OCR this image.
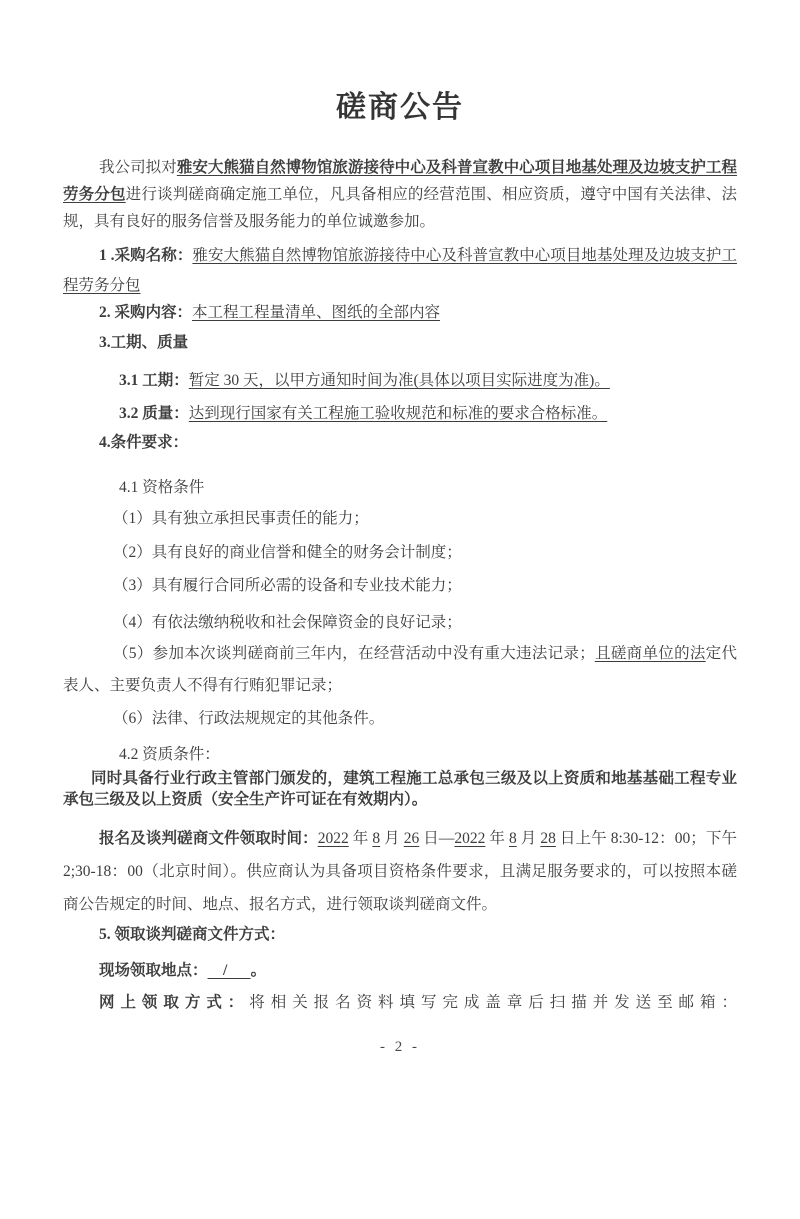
磋商公告

我公司拟对雅安大熊猫自然博物馆旅游接待中心及科普宣教中心项目地基处理及边坡支护工程劳务分包进行谈判磋商确定施工单位，凡具备相应的经营范围、相应资质，遵守中国有关法律、法规，具有良好的服务信誉及服务能力的单位诚邀参加。

1 .采购名称：雅安大熊猫自然博物馆旅游接待中心及科普宣教中心项目地基处理及边坡支护工程劳务分包

2. 采购内容：本工程工程量清单、图纸的全部内容

3.工期、质量

3.1 工期：暂定 30 天，以甲方通知时间为准(具体以项目实际进度为准)。

3.2 质量：达到现行国家有关工程施工验收规范和标准的要求合格标准。

4.条件要求：

4.1 资格条件

（1）具有独立承担民事责任的能力；

（2）具有良好的商业信誉和健全的财务会计制度；

（3）具有履行合同所必需的设备和专业技术能力；

（4）有依法缴纳税收和社会保障资金的良好记录；

（5）参加本次谈判磋商前三年内，在经营活动中没有重大违法记录；且磋商单位的法定代表人、主要负责人不得有行贿犯罪记录；

（6）法律、行政法规规定的其他条件。

4.2 资质条件：

同时具备行业行政主管部门颁发的，建筑工程施工总承包三级及以上资质和地基基础工程专业承包三级及以上资质（安全生产许可证在有效期内）。

报名及谈判磋商文件领取时间：2022 年 8 月 26 日—2022 年 8 月 28 日上午 8:30-12：00；下午 2;30-18：00（北京时间）。供应商认为具备项目资格条件要求，且满足服务要求的，可以按照本磋商公告规定的时间、地点、报名方式，进行领取谈判磋商文件。

5. 领取谈判磋商文件方式：

现场领取地点：    /      。

网上领取方式：将相关报名资料填写完成盖章后扫描并发送至邮箱：

- 2 -
